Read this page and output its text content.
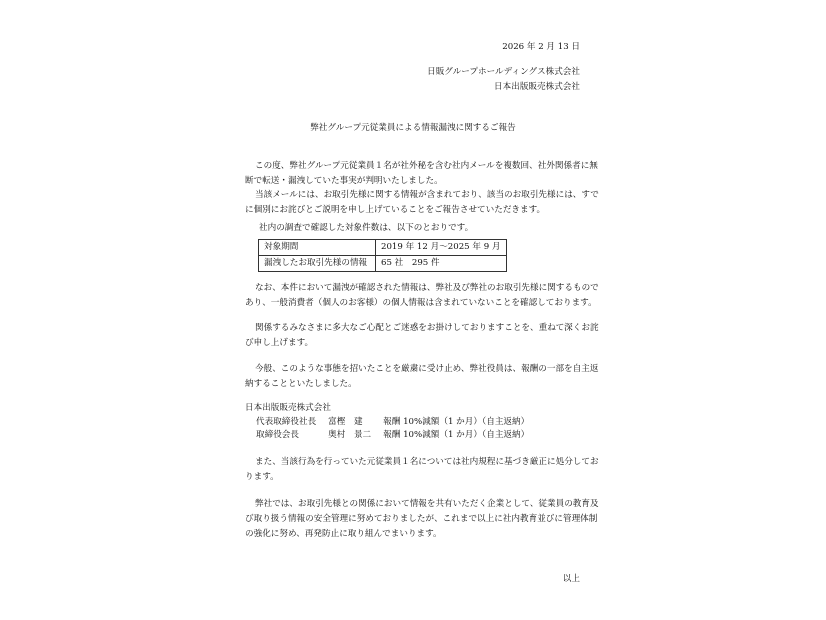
2026 年 2 月 13 日
日販グループホールディングス株式会社
日本出版販売株式会社
弊社グループ元従業員による情報漏洩に関するご報告
この度、弊社グループ元従業員１名が社外秘を含む社内メールを複数回、社外関係者に無
断で転送・漏洩していた事実が判明いたしました。
当該メールには、お取引先様に関する情報が含まれており、該当のお取引先様には、すで
に個別にお詫びとご説明を申し上げていることをご報告させていただきます。
社内の調査で確認した対象件数は、以下のとおりです。
対象期間	2019 年 12 月～2025 年 9 月
漏洩したお取引先様の情報	65 社　295 件
なお、本件において漏洩が確認された情報は、弊社及び弊社のお取引先様に関するもので
あり、一般消費者（個人のお客様）の個人情報は含まれていないことを確認しております。
関係するみなさまに多大なご心配とご迷惑をお掛けしておりますことを、重ねて深くお詫
び申し上げます。
今般、このような事態を招いたことを厳粛に受け止め、弊社役員は、報酬の一部を自主返
納することといたしました。
日本出版販売株式会社
代表取締役社長	富樫　建	報酬 10%減額（1 か月）（自主返納）
取締役会長	奥村　景二	報酬 10%減額（1 か月）（自主返納）
また、当該行為を行っていた元従業員１名については社内規程に基づき厳正に処分してお
ります。
弊社では、お取引先様との関係において情報を共有いただく企業として、従業員の教育及
び取り扱う情報の安全管理に努めておりましたが、これまで以上に社内教育並びに管理体制
の強化に努め、再発防止に取り組んでまいります。
以上
